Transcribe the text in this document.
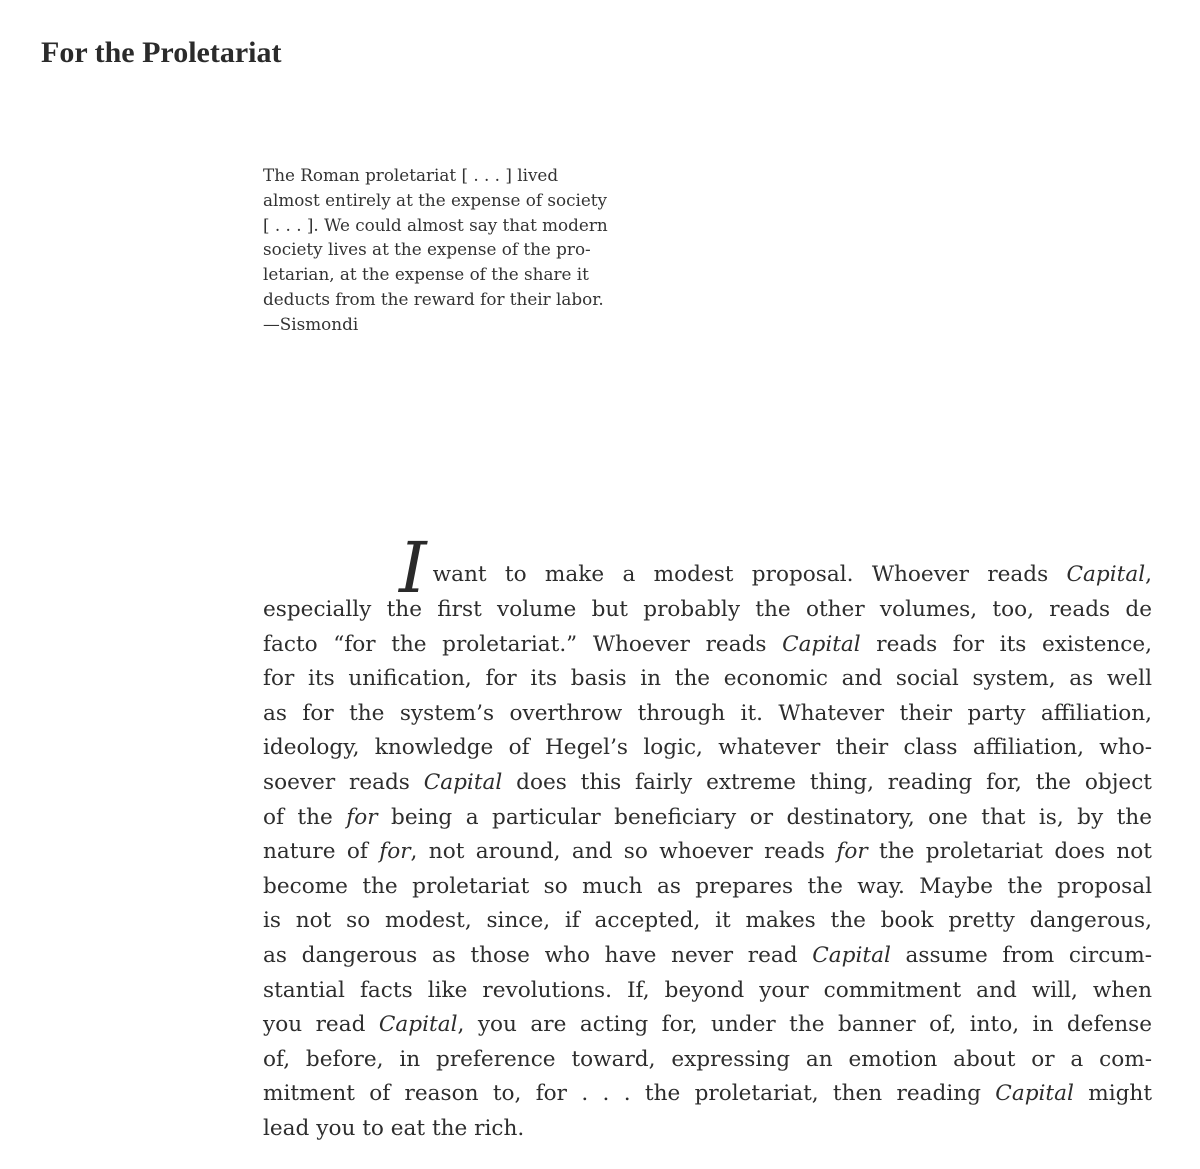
For the Proletariat
The Roman proletariat [ . . . ] lived
almost entirely at the expense of society
[ . . . ]. We could almost say that modern
society lives at the expense of the pro-
letarian, at the expense of the share it
deducts from the reward for their labor.
—Sismondi
I want to make a modest proposal. Whoever reads Capital,
especially the first volume but probably the other volumes, too, reads de
facto “for the proletariat.” Whoever reads Capital reads for its existence,
for its unification, for its basis in the economic and social system, as well
as for the system’s overthrow through it. Whatever their party affiliation,
ideology, knowledge of Hegel’s logic, whatever their class affiliation, who-
soever reads Capital does this fairly extreme thing, reading for, the object
of the for being a particular beneficiary or destinatory, one that is, by the
nature of for, not around, and so whoever reads for the proletariat does not
become the proletariat so much as prepares the way. Maybe the proposal
is not so modest, since, if accepted, it makes the book pretty dangerous,
as dangerous as those who have never read Capital assume from circum-
stantial facts like revolutions. If, beyond your commitment and will, when
you read Capital, you are acting for, under the banner of, into, in defense
of, before, in preference toward, expressing an emotion about or a com-
mitment of reason to, for . . . the proletariat, then reading Capital might
lead you to eat the rich.
